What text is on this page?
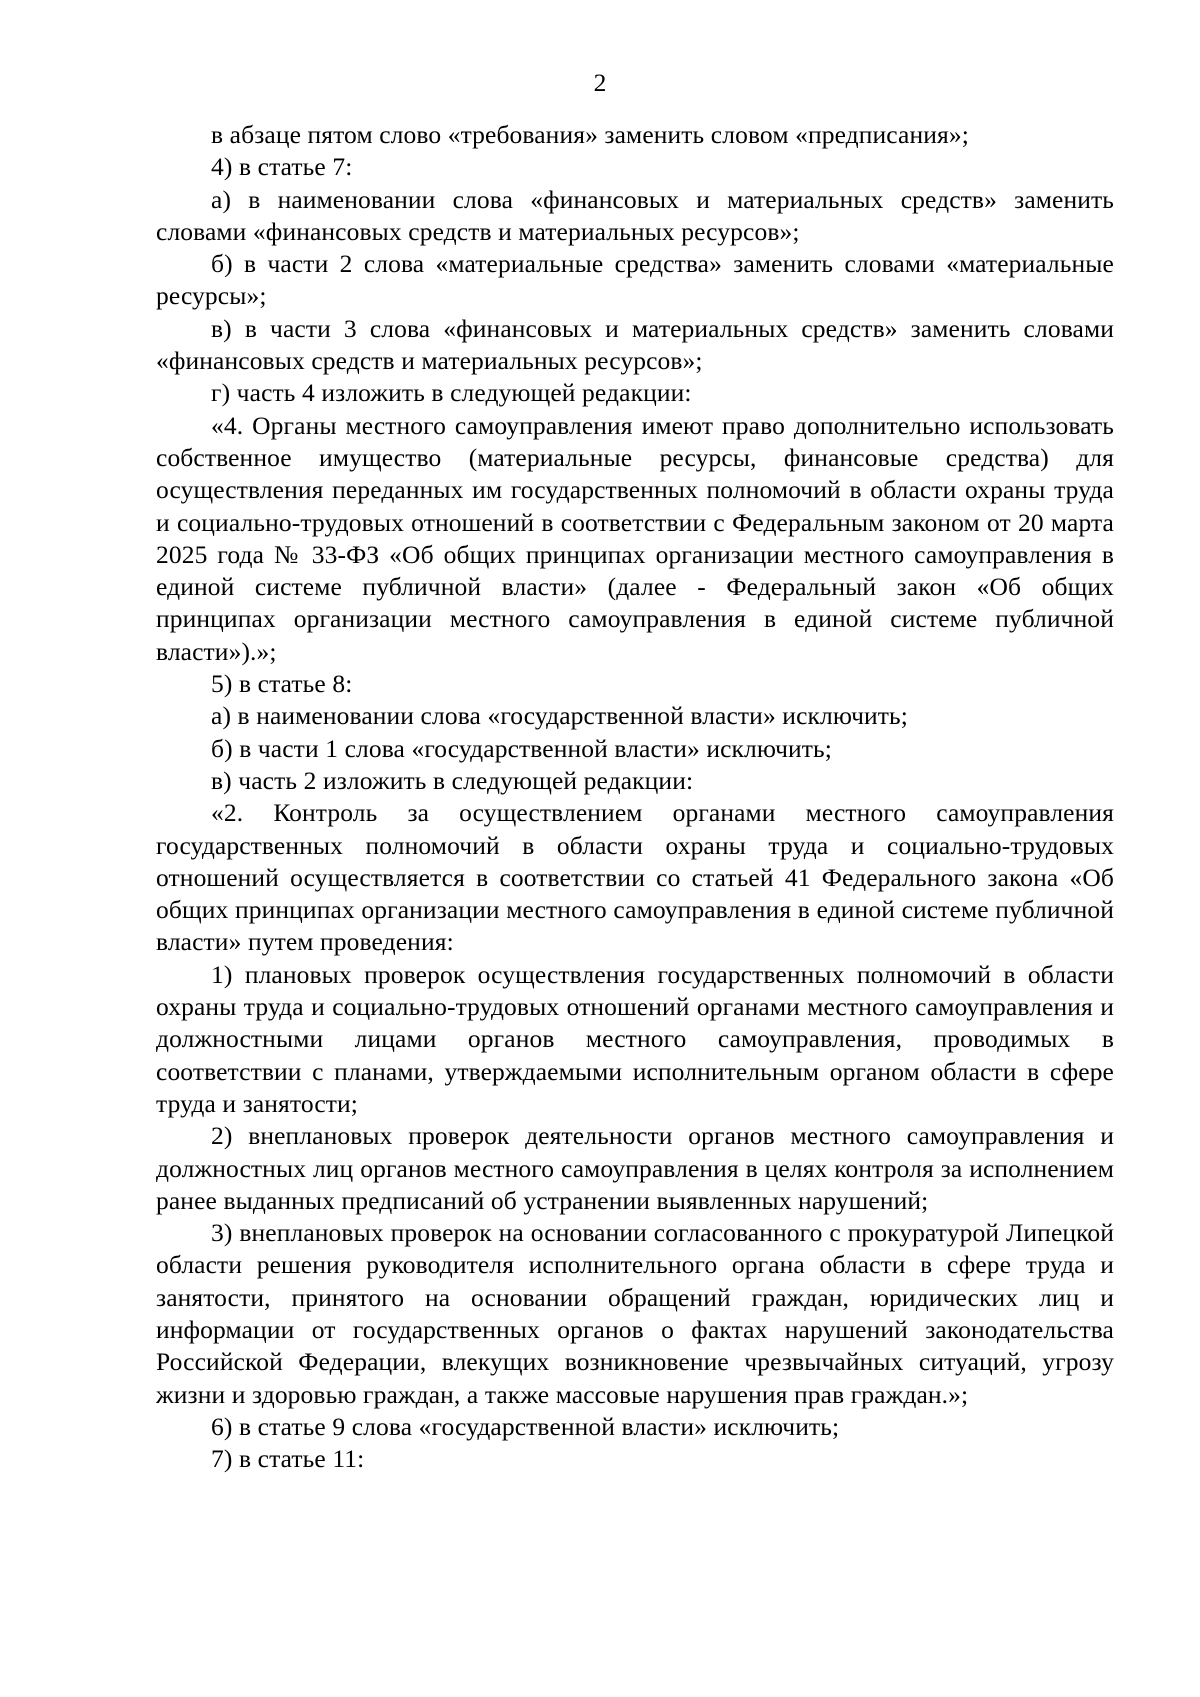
2

в абзаце пятом слово «требования» заменить словом «предписания»;

4) в статье 7:

а) в наименовании слова «финансовых и материальных средств» заменить словами «финансовых средств и материальных ресурсов»;

б) в части 2 слова «материальные средства» заменить словами «материальные ресурсы»;

в) в части 3 слова «финансовых и материальных средств» заменить словами «финансовых средств и материальных ресурсов»;

г) часть 4 изложить в следующей редакции:

«4. Органы местного самоуправления имеют право дополнительно использовать собственное имущество (материальные ресурсы, финансовые средства) для осуществления переданных им государственных полномочий в области охраны труда и социально-трудовых отношений в соответствии с Федеральным законом от 20 марта 2025 года № 33-ФЗ «Об общих принципах организации местного самоуправления в единой системе публичной власти» (далее - Федеральный закон «Об общих принципах организации местного самоуправления в единой системе публичной власти»).»;

5) в статье 8:

а) в наименовании слова «государственной власти» исключить;

б) в части 1 слова «государственной власти» исключить;

в) часть 2 изложить в следующей редакции:

«2. Контроль за осуществлением органами местного самоуправления государственных полномочий в области охраны труда и социально-трудовых отношений осуществляется в соответствии со статьей 41 Федерального закона «Об общих принципах организации местного самоуправления в единой системе публичной власти» путем проведения:

1) плановых проверок осуществления государственных полномочий в области охраны труда и социально-трудовых отношений органами местного самоуправления и должностными лицами органов местного самоуправления, проводимых в соответствии с планами, утверждаемыми исполнительным органом области в сфере труда и занятости;

2) внеплановых проверок деятельности органов местного самоуправления и должностных лиц органов местного самоуправления в целях контроля за исполнением ранее выданных предписаний об устранении выявленных нарушений;

3) внеплановых проверок на основании согласованного с прокуратурой Липецкой области решения руководителя исполнительного органа области в сфере труда и занятости, принятого на основании обращений граждан, юридических лиц и информации от государственных органов о фактах нарушений законодательства Российской Федерации, влекущих возникновение чрезвычайных ситуаций, угрозу жизни и здоровью граждан, а также массовые нарушения прав граждан.»;

6) в статье 9 слова «государственной власти» исключить;

7) в статье 11:
